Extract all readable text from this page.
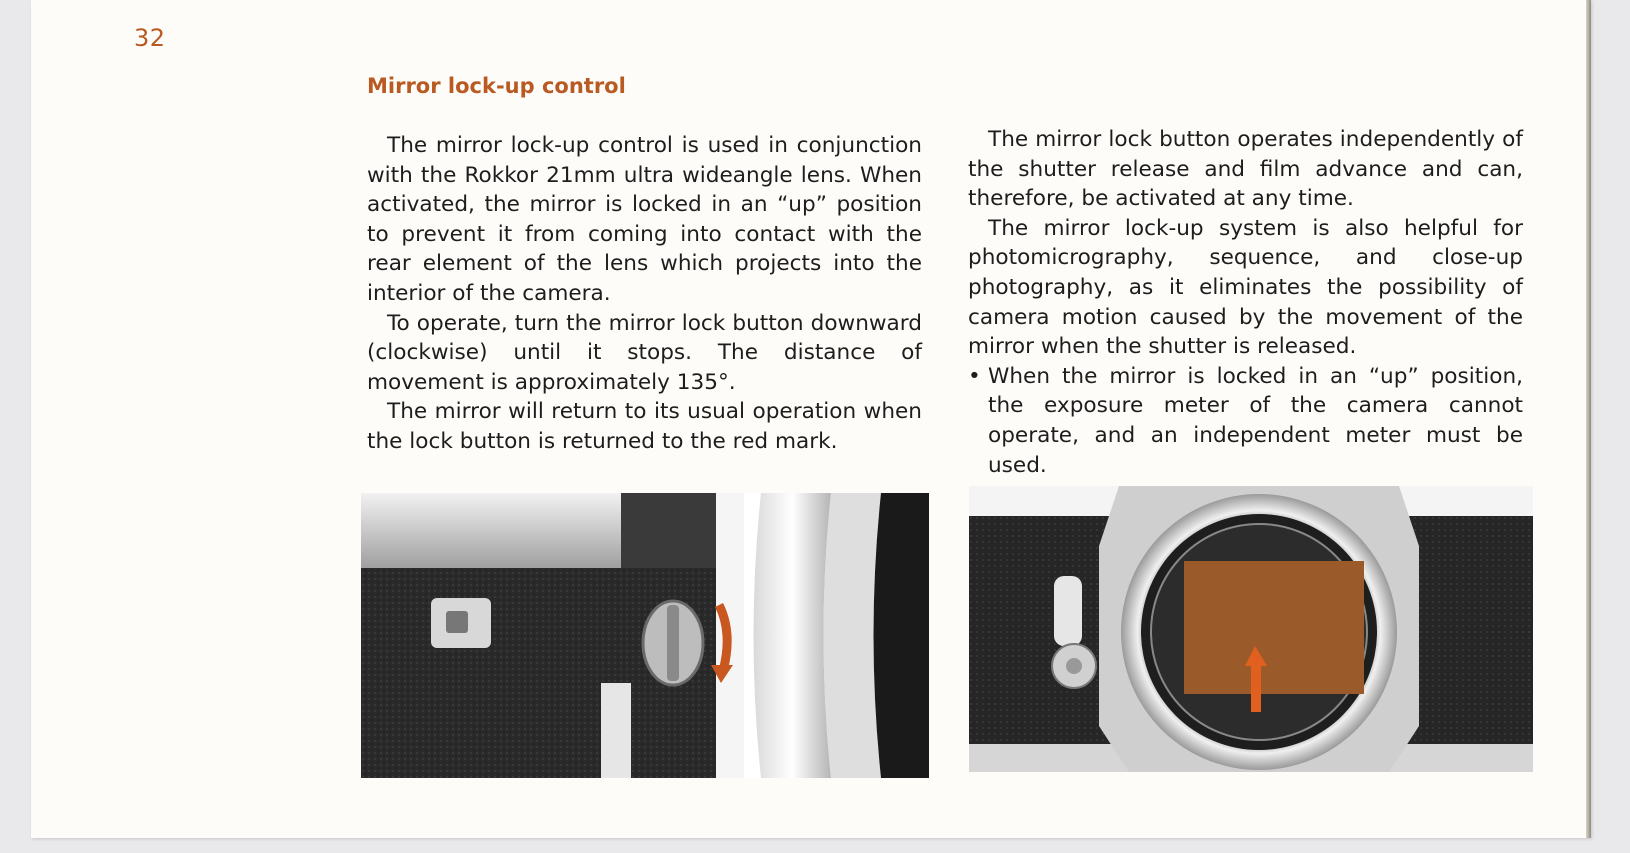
32
Mirror lock-up control

The mirror lock-up control is used in conjunction with the Rokkor 21mm ultra wideangle lens. When activated, the mirror is locked in an “up” position to prevent it from coming into contact with the rear element of the lens which projects into the interior of the camera.

To operate, turn the mirror lock button downward (clockwise) until it stops. The distance of movement is approximately 135°.

The mirror will return to its usual operation when the lock button is returned to the red mark.

The mirror lock button operates independently of the shutter release and film advance and can, therefore, be activated at any time.

The mirror lock-up system is also helpful for photomicrography, sequence, and close-up photography, as it eliminates the possibility of camera motion caused by the movement of the mirror when the shutter is released.

• When the mirror is locked in an “up” position, the exposure meter of the camera cannot operate, and an independent meter must be used.
